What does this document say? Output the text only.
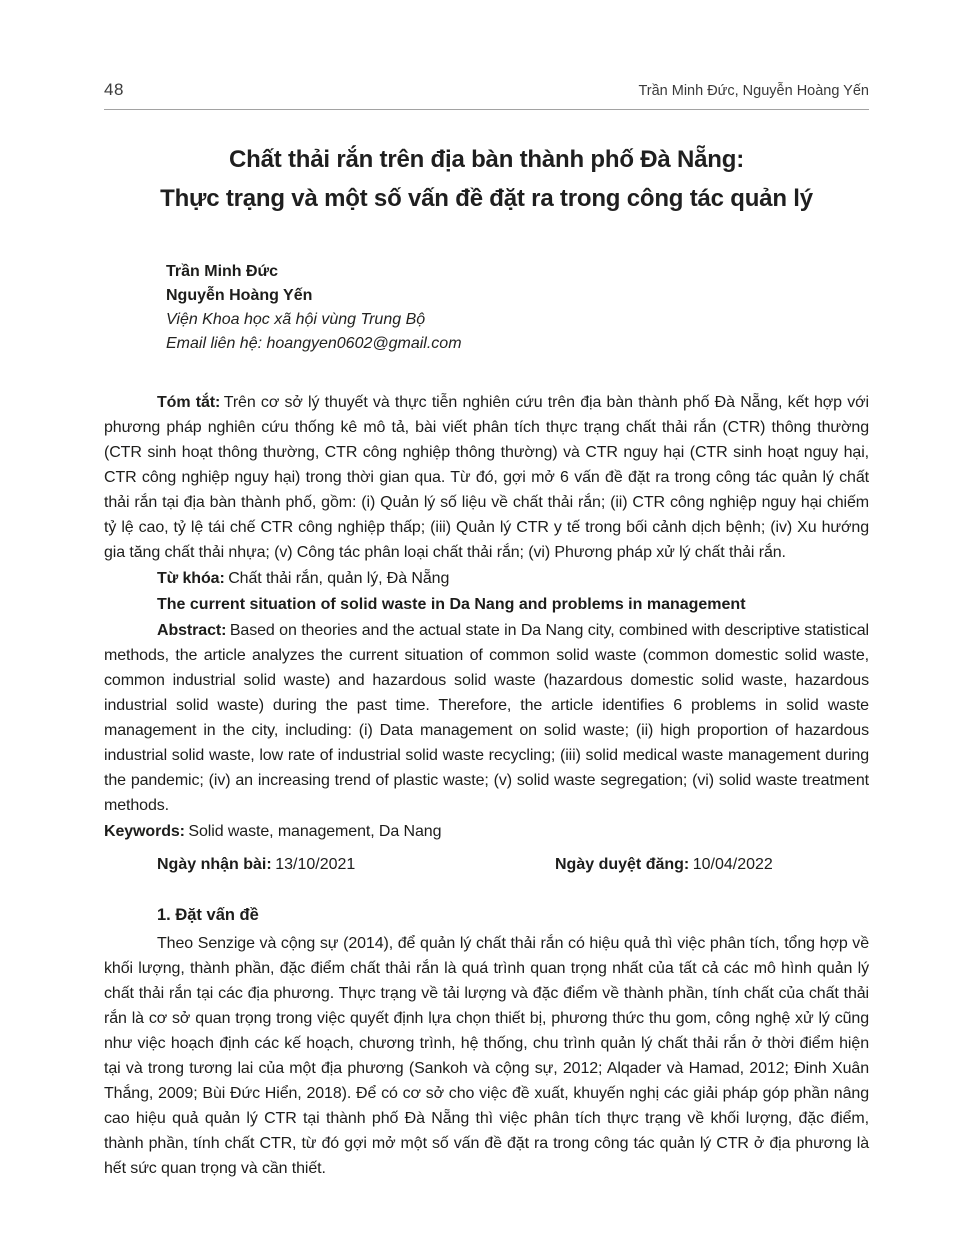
48	Trần Minh Đức, Nguyễn Hoàng Yến
Chất thải rắn trên địa bàn thành phố Đà Nẵng:
Thực trạng và một số vấn đề đặt ra trong công tác quản lý
Trần Minh Đức
Nguyễn Hoàng Yến
Viện Khoa học xã hội vùng Trung Bộ
Email liên hệ: hoangyen0602@gmail.com

Tóm tắt: Trên cơ sở lý thuyết và thực tiễn nghiên cứu trên địa bàn thành phố Đà Nẵng, kết hợp với phương pháp nghiên cứu thống kê mô tả, bài viết phân tích thực trạng chất thải rắn (CTR) thông thường (CTR sinh hoạt thông thường, CTR công nghiệp thông thường) và CTR nguy hại (CTR sinh hoạt nguy hại, CTR công nghiệp nguy hại) trong thời gian qua. Từ đó, gợi mở 6 vấn đề đặt ra trong công tác quản lý chất thải rắn tại địa bàn thành phố, gồm: (i) Quản lý số liệu về chất thải rắn; (ii) CTR công nghiệp nguy hại chiếm tỷ lệ cao, tỷ lệ tái chế CTR công nghiệp thấp; (iii) Quản lý CTR y tế trong bối cảnh dịch bệnh; (iv) Xu hướng gia tăng chất thải nhựa; (v) Công tác phân loại chất thải rắn; (vi) Phương pháp xử lý chất thải rắn.

Từ khóa: Chất thải rắn, quản lý, Đà Nẵng

The current situation of solid waste in Da Nang and problems in management

Abstract: Based on theories and the actual state in Da Nang city, combined with descriptive statistical methods, the article analyzes the current situation of common solid waste (common domestic solid waste, common industrial solid waste) and hazardous solid waste (hazardous domestic solid waste, hazardous industrial solid waste) during the past time. Therefore, the article identifies 6 problems in solid waste management in the city, including: (i) Data management on solid waste; (ii) high proportion of hazardous industrial solid waste, low rate of industrial solid waste recycling; (iii) solid medical waste management during the pandemic; (iv) an increasing trend of plastic waste; (v) solid waste segregation; (vi) solid waste treatment methods.

Keywords: Solid waste, management, Da Nang

Ngày nhận bài: 13/10/2021	Ngày duyệt đăng: 10/04/2022
1. Đặt vấn đề

Theo Senzige và cộng sự (2014), để quản lý chất thải rắn có hiệu quả thì việc phân tích, tổng hợp về khối lượng, thành phần, đặc điểm chất thải rắn là quá trình quan trọng nhất của tất cả các mô hình quản lý chất thải rắn tại các địa phương. Thực trạng về tải lượng và đặc điểm về thành phần, tính chất của chất thải rắn là cơ sở quan trọng trong việc quyết định lựa chọn thiết bị, phương thức thu gom, công nghệ xử lý cũng như việc hoạch định các kế hoạch, chương trình, hệ thống, chu trình quản lý chất thải rắn ở thời điểm hiện tại và trong tương lai của một địa phương (Sankoh và cộng sự, 2012; Alqader và Hamad, 2012; Đinh Xuân Thắng, 2009; Bùi Đức Hiển, 2018). Để có cơ sở cho việc đề xuất, khuyến nghị các giải pháp góp phần nâng cao hiệu quả quản lý CTR tại thành phố Đà Nẵng thì việc phân tích thực trạng về khối lượng, đặc điểm, thành phần, tính chất CTR, từ đó gợi mở một số vấn đề đặt ra trong công tác quản lý CTR ở địa phương là hết sức quan trọng và cần thiết.
